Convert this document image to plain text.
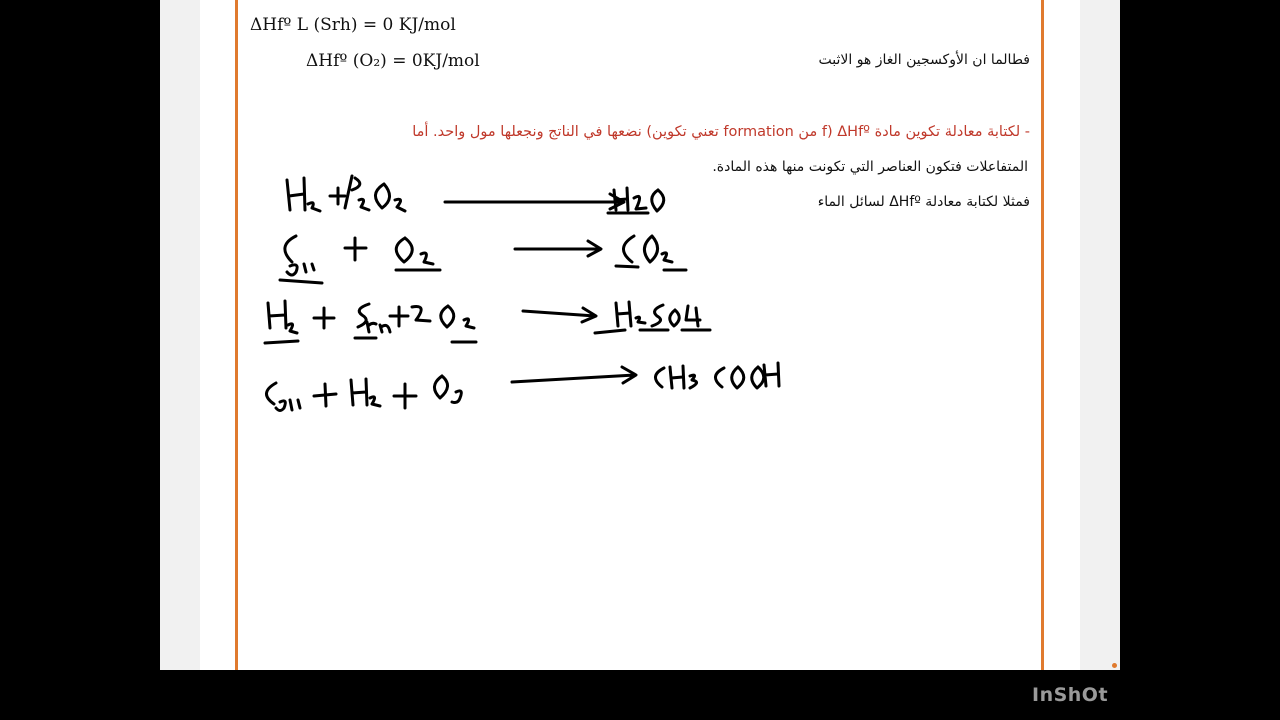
ΔHfº L (Srh) = 0 KJ/mol
ΔHfº (O₂) = 0KJ/mol	فطالما ان الأوكسجين الغاز هو الاثبت
- لكتابة معادلة تكوين مادة ΔHfº (f من formation تعني تكوين) نضعها في الناتج ونجعلها مول واحد. أما
المتفاعلات فتكون العناصر التي تكونت منها هذه المادة.
فمثلا لكتابة معادلة ΔHfº لسائل الماء
InShOt
